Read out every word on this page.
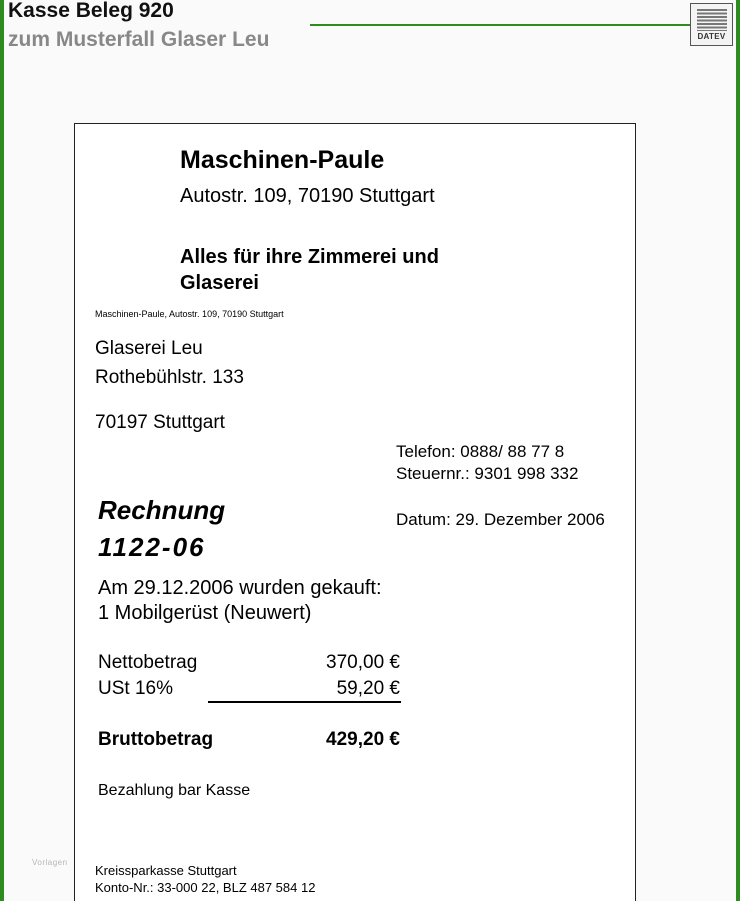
Kasse Beleg 920
zum Musterfall Glaser Leu	DATEV

Maschinen-Paule

Autostr. 109, 70190 Stuttgart

Alles für ihre Zimmerei und

Glaserei

Maschinen-Paule, Autostr. 109, 70190 Stuttgart

Glaserei Leu

Rothebühlstr. 133

70197 Stuttgart

Telefon: 0888/ 88 77 8

Steuernr.: 9301 998 332

Datum: 29. Dezember 2006

Rechnung

1122-06

Am 29.12.2006 wurden gekauft:

1 Mobilgerüst (Neuwert)

Nettobetrag	370,00 €

USt 16%	59,20 €

Bruttobetrag	429,20 €

Bezahlung bar Kasse

Kreissparkasse Stuttgart

Konto-Nr.: 33-000 22, BLZ 487 584 12

Vorlagen
